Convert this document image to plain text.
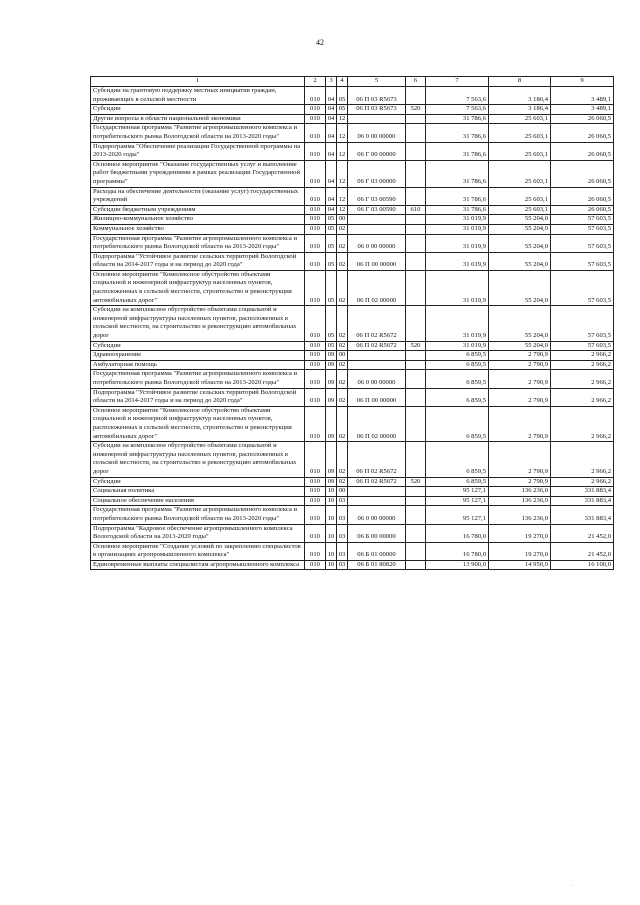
42
1	2	3	4	5	6	7	8	9
Субсидии на грантовую поддержку местных инициатив граждан, проживающих в сельской местности	010	04	05	06 П 03 R5673		7 563,6	3 186,4	3 489,1
Субсидии	010	04	05	06 П 03 R5673	520	7 563,6	3 186,4	3 489,1
Другие вопросы в области национальной экономики	010	04	12			31 786,6	25 603,1	26 060,5
Государственная программа "Развитие агропромышленного комплекса и потребительского рынка Вологодской области на 2013-2020 годы"	010	04	12	06 0 00 00000		31 786,6	25 603,1	26 060,5
Подпрограмма "Обеспечение реализации Государственной программы на 2013-2020 годы"	010	04	12	06 Г 00 00000		31 786,6	25 603,1	26 060,5
Основное мероприятие "Оказание государственных услуг и выполнение работ бюджетными учреждениями в рамках реализации Государственной программы"	010	04	12	06 Г 03 00000		31 786,6	25 603,1	26 060,5
Расходы на обеспечение деятельности (оказание услуг) государственных учреждений	010	04	12	06 Г 03 00590		31 786,6	25 603,1	26 060,5
Субсидии бюджетным учреждениям	010	04	12	06 Г 03 00590	610	31 786,6	25 603,1	26 060,5
Жилищно-коммунальное хозяйство	010	05	00			31 019,9	55 204,0	57 603,5
Коммунальное хозяйство	010	05	02			31 019,9	55 204,0	57 603,5
Государственная программа "Развитие агропромышленного комплекса и потребительского рынка Вологодской области на 2013-2020 годы"	010	05	02	06 0 00 00000		31 019,9	55 204,0	57 603,5
Подпрограмма "Устойчивое развитие сельских территорий Вологодской области на 2014-2017 годы и на период до 2020 года"	010	05	02	06 П 00 00000		31 019,9	55 204,0	57 603,5
Основное мероприятие "Комплексное обустройство объектами социальной и инженерной инфраструктур населенных пунктов, расположенных в сельской местности, строительство и реконструкция автомобильных дорог"	010	05	02	06 П 02 00000		31 019,9	55 204,0	57 603,5
Субсидии на комплексное обустройство объектами социальной и инженерной инфраструктуры населенных пунктов, расположенных в сельской местности, на строительство и реконструкцию автомобильных дорог	010	05	02	06 П 02 R5672		31 019,9	55 204,0	57 603,5
Субсидии	010	05	02	06 П 02 R5672	520	31 019,9	55 204,0	57 603,5
Здравоохранение	010	09	00			6 859,5	2 790,9	2 966,2
Амбулаторная помощь	010	09	02			6 859,5	2 790,9	2 966,2
Государственная программа "Развитие агропромышленного комплекса и потребительского рынка Вологодской области на 2013-2020 годы"	010	09	02	06 0 00 00000		6 859,5	2 790,9	2 966,2
Подпрограмма "Устойчивое развитие сельских территорий Вологодской области на 2014-2017 годы и на период до 2020 года"	010	09	02	06 П 00 00000		6 859,5	2 790,9	2 966,2
Основное мероприятие "Комплексное обустройство объектами социальной и инженерной инфраструктур населенных пунктов, расположенных в сельской местности, строительство и реконструкция автомобильных дорог"	010	09	02	06 П 02 00000		6 859,5	2 790,9	2 966,2
Субсидии на комплексное обустройство объектами социальной и инженерной инфраструктуры населенных пунктов, расположенных в сельской местности, на строительство и реконструкцию автомобильных дорог	010	09	02	06 П 02 R5672		6 859,5	2 790,9	2 966,2
Субсидии	010	09	02	06 П 02 R5672	520	6 859,5	2 790,9	2 966,2
Социальная политика	010	10	00			95 127,1	136 236,0	331 883,4
Социальное обеспечение населения	010	10	03			95 127,1	136 236,0	331 883,4
Государственная программа "Развитие агропромышленного комплекса и потребительского рынка Вологодской области на 2013-2020 годы"	010	10	03	06 0 00 00000		95 127,1	136 236,0	331 883,4
Подпрограмма "Кадровое обеспечение агропромышленного комплекса Вологодской области на 2013-2020 годы"	010	10	03	06 Б 00 00000		16 780,0	19 270,0	21 452,0
Основное мероприятие "Создание условий по закреплению специалистов в организациях агропромышленного комплекса"	010	10	03	06 Б 01 00000		16 780,0	19 270,0	21 452,0
Единовременные выплаты специалистам агропромышленного комплекса	010	10	03	06 Б 01 80820		13 900,0	14 950,0	16 100,0
·
